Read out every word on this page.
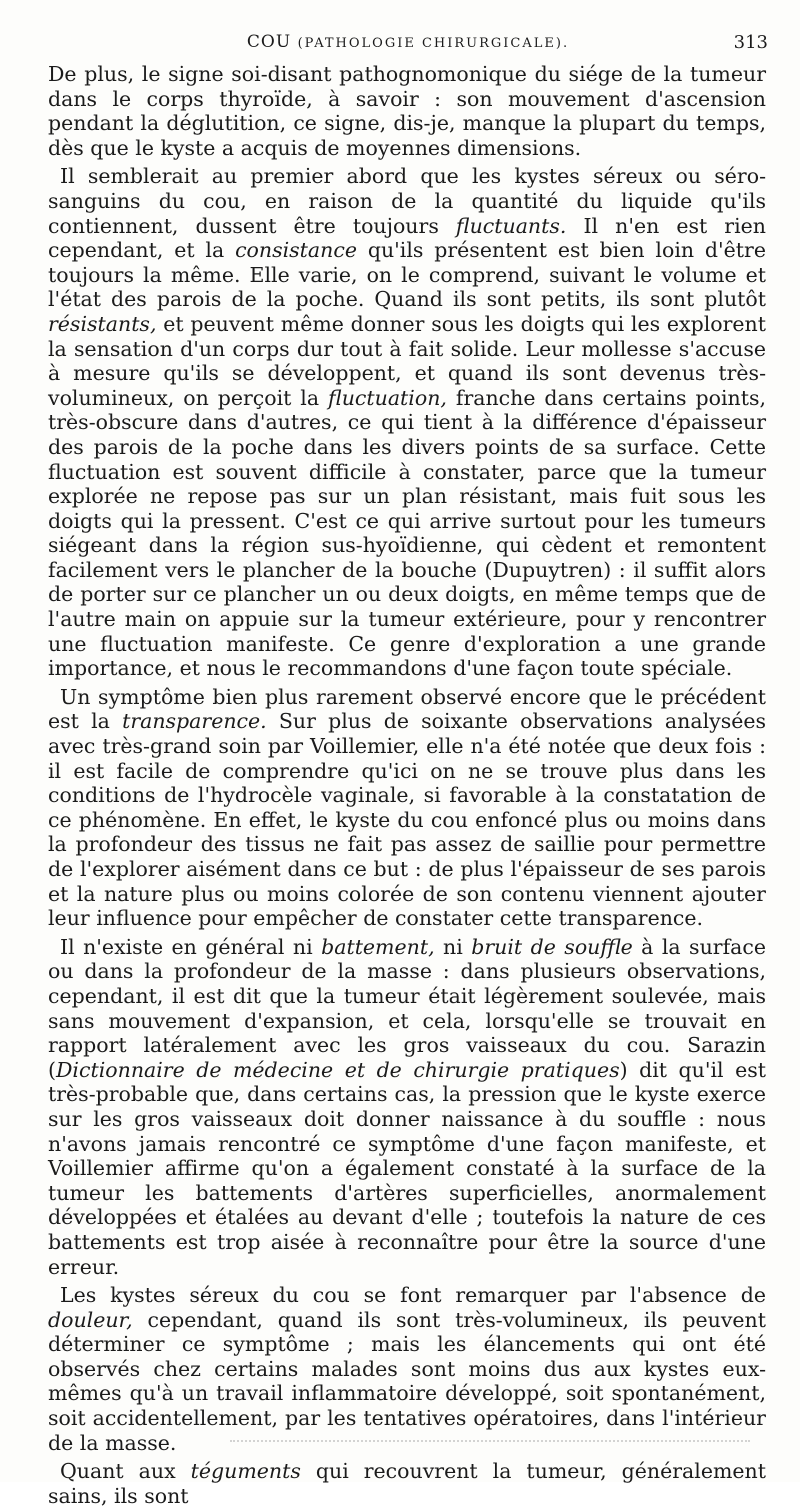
COU (PATHOLOGIE CHIRURGICALE).	313

De plus, le signe soi-disant pathognomonique du siége de la tumeur dans le corps thyroïde, à savoir : son mouvement d'ascension pendant la déglutition, ce signe, dis-je, manque la plupart du temps, dès que le kyste a acquis de moyennes dimensions.

Il semblerait au premier abord que les kystes séreux ou séro-sanguins du cou, en raison de la quantité du liquide qu'ils contiennent, dussent être toujours fluctuants. Il n'en est rien cependant, et la consistance qu'ils présentent est bien loin d'être toujours la même. Elle varie, on le comprend, suivant le volume et l'état des parois de la poche. Quand ils sont petits, ils sont plutôt résistants, et peuvent même donner sous les doigts qui les explorent la sensation d'un corps dur tout à fait solide. Leur mollesse s'accuse à mesure qu'ils se développent, et quand ils sont devenus très-volumineux, on perçoit la fluctuation, franche dans certains points, très-obscure dans d'autres, ce qui tient à la différence d'épaisseur des parois de la poche dans les divers points de sa surface. Cette fluctuation est souvent difficile à constater, parce que la tumeur explorée ne repose pas sur un plan résistant, mais fuit sous les doigts qui la pressent. C'est ce qui arrive surtout pour les tumeurs siégeant dans la région sus-hyoïdienne, qui cèdent et remontent facilement vers le plancher de la bouche (Dupuytren) : il suffit alors de porter sur ce plancher un ou deux doigts, en même temps que de l'autre main on appuie sur la tumeur extérieure, pour y rencontrer une fluctuation manifeste. Ce genre d'exploration a une grande importance, et nous le recommandons d'une façon toute spéciale.

Un symptôme bien plus rarement observé encore que le précédent est la transparence. Sur plus de soixante observations analysées avec très-grand soin par Voillemier, elle n'a été notée que deux fois : il est facile de comprendre qu'ici on ne se trouve plus dans les conditions de l'hydrocèle vaginale, si favorable à la constatation de ce phénomène. En effet, le kyste du cou enfoncé plus ou moins dans la profondeur des tissus ne fait pas assez de saillie pour permettre de l'explorer aisément dans ce but : de plus l'épaisseur de ses parois et la nature plus ou moins colorée de son contenu viennent ajouter leur influence pour empêcher de constater cette transparence.

Il n'existe en général ni battement, ni bruit de souffle à la surface ou dans la profondeur de la masse : dans plusieurs observations, cependant, il est dit que la tumeur était légèrement soulevée, mais sans mouvement d'expansion, et cela, lorsqu'elle se trouvait en rapport latéralement avec les gros vaisseaux du cou. Sarazin (Dictionnaire de médecine et de chirurgie pratiques) dit qu'il est très-probable que, dans certains cas, la pression que le kyste exerce sur les gros vaisseaux doit donner naissance à du souffle : nous n'avons jamais rencontré ce symptôme d'une façon manifeste, et Voillemier affirme qu'on a également constaté à la surface de la tumeur les battements d'artères superficielles, anormalement développées et étalées au devant d'elle ; toutefois la nature de ces battements est trop aisée à reconnaître pour être la source d'une erreur.

Les kystes séreux du cou se font remarquer par l'absence de douleur, cependant, quand ils sont très-volumineux, ils peuvent déterminer ce symptôme ; mais les élancements qui ont été observés chez certains malades sont moins dus aux kystes eux-mêmes qu'à un travail inflammatoire développé, soit spontanément, soit accidentellement, par les tentatives opératoires, dans l'intérieur de la masse.

Quant aux téguments qui recouvrent la tumeur, généralement sains, ils sont
